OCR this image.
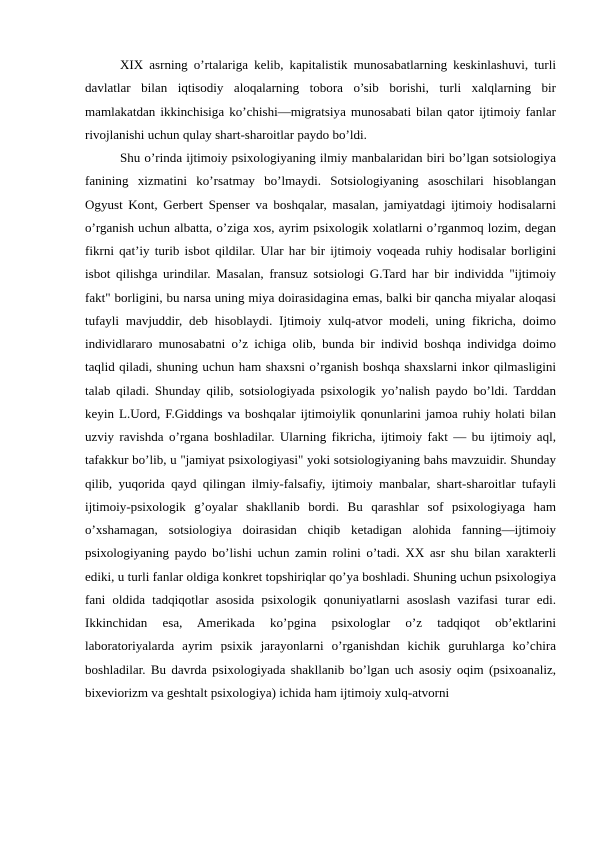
XIX asrning o’rtalariga kelib, kapitalistik munosabatlarning keskinlashuvi, turli davlatlar bilan iqtisodiy aloqalarning tobora o’sib borishi, turli xalqlarning bir mamlakatdan ikkinchisiga ko’chishi—migratsiya munosabati bilan qator ijtimoiy fanlar rivojlanishi uchun qulay shart-sharoitlar paydo bo’ldi.

Shu o’rinda ijtimoiy psixologiyaning ilmiy manbalaridan biri bo’lgan sotsiologiya fanining xizmatini ko’rsatmay bo’lmaydi. Sotsiologiyaning asoschilari hisoblangan Ogyust Kont, Gerbert Spenser va boshqalar, masalan, jamiyatdagi ijtimoiy hodisalarni o’rganish uchun albatta, o’ziga xos, ayrim psixologik xolatlarni o’rganmoq lozim, degan fikrni qat’iy turib isbot qildilar. Ular har bir ijtimoiy voqeada ruhiy hodisalar borligini isbot qilishga urindilar. Masalan, fransuz sotsiologi G.Tard har bir individda "ijtimoiy fakt" borligini, bu narsa uning miya doirasidagina emas, balki bir qancha miyalar aloqasi tufayli mavjuddir, deb hisoblaydi. Ijtimoiy xulq-atvor modeli, uning fikricha, doimo individlararo munosabatni o’z ichiga olib, bunda bir individ boshqa individga doimo taqlid qiladi, shuning uchun ham shaxsni o’rganish boshqa shaxslarni inkor qilmasligini talab qiladi. Shunday qilib, sotsiologiyada psixologik yo’nalish paydo bo’ldi. Tarddan keyin L.Uord, F.Giddings va boshqalar ijtimoiylik qonunlarini jamoa ruhiy holati bilan uzviy ravishda o’rgana boshladilar. Ularning fikricha, ijtimoiy fakt — bu ijtimoiy aql, tafakkur bo’lib, u "jamiyat psixologiyasi" yoki sotsiologiyaning bahs mavzuidir. Shunday qilib, yuqorida qayd qilingan ilmiy-falsafiy, ijtimoiy manbalar, shart-sharoitlar tufayli ijtimoiy-psixologik g’oyalar shakllanib bordi. Bu qarashlar sof psixologiyaga ham o’xshamagan, sotsiologiya doirasidan chiqib ketadigan alohida fanning—ijtimoiy psixologiyaning paydo bo’lishi uchun zamin rolini o’tadi. XX asr shu bilan xarakterli ediki, u turli fanlar oldiga konkret topshiriqlar qo’ya boshladi. Shuning uchun psixologiya fani oldida tadqiqotlar asosida psixologik qonuniyatlarni asoslash vazifasi turar edi. Ikkinchidan esa, Amerikada ko’pgina psixologlar o’z tadqiqot ob’ektlarini laboratoriyalarda ayrim psixik jarayonlarni o’rganishdan kichik guruhlarga ko’chira boshladilar. Bu davrda psixologiyada shakllanib bo’lgan uch asosiy oqim (psixoanaliz, bixeviorizm va geshtalt psixologiya) ichida ham ijtimoiy xulq-atvorni
